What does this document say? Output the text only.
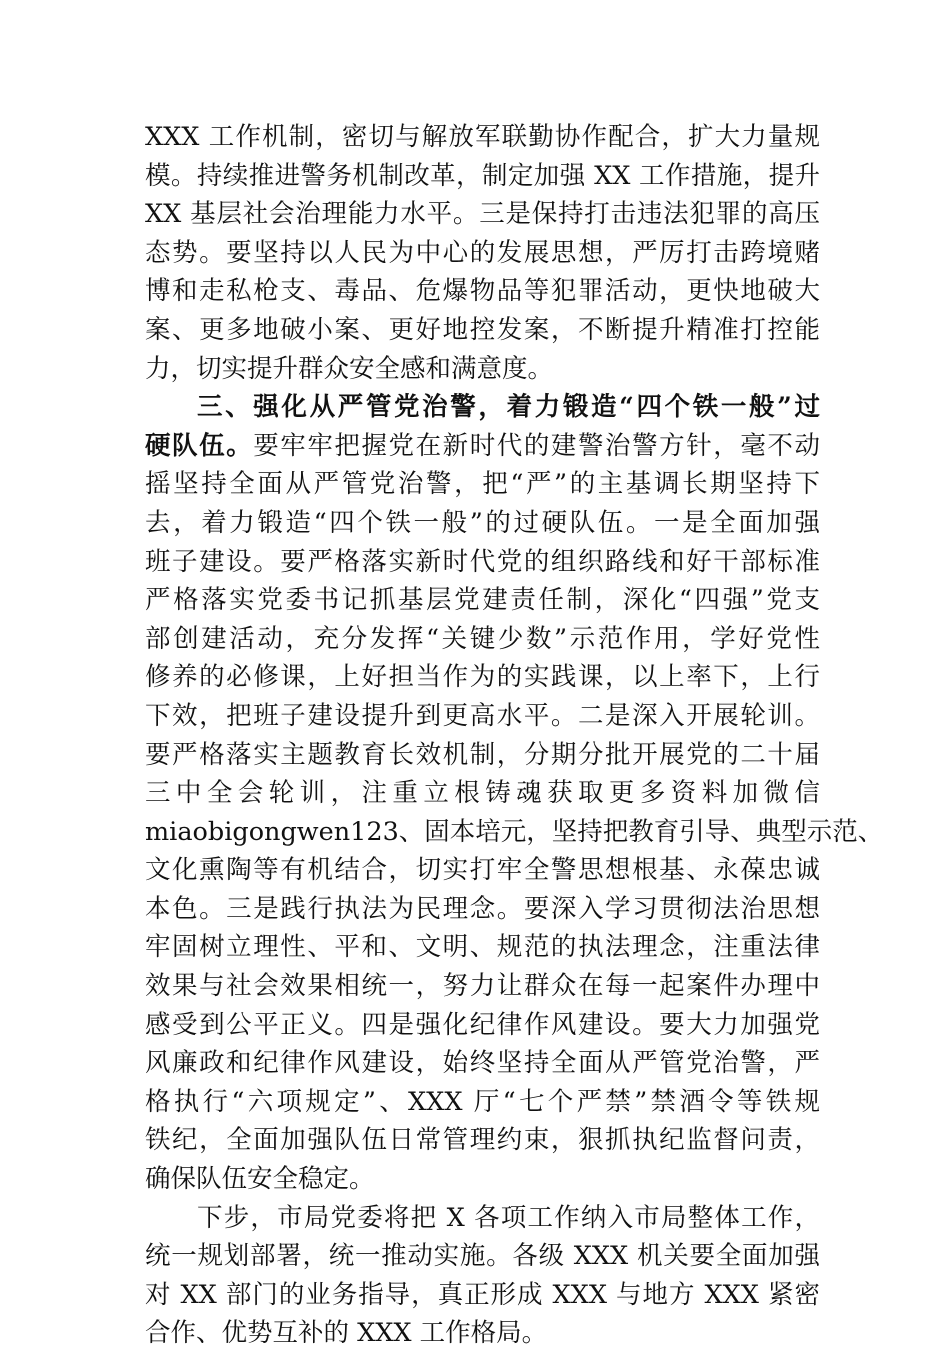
XXX 工作机制，密切与解放军联勤协作配合，扩大力量规
模。持续推进警务机制改革，制定加强 XX 工作措施，提升
XX 基层社会治理能力水平。三是保持打击违法犯罪的高压
态势。要坚持以人民为中心的发展思想，严厉打击跨境赌
博和走私枪支、毒品、危爆物品等犯罪活动，更快地破大
案、更多地破小案、更好地控发案，不断提升精准打控能
力，切实提升群众安全感和满意度。
三、强化从严管党治警，着力锻造“四个铁一般”过
硬队伍。要牢牢把握党在新时代的建警治警方针，毫不动
摇坚持全面从严管党治警，把“严”的主基调长期坚持下
去，着力锻造“四个铁一般”的过硬队伍。一是全面加强
班子建设。要严格落实新时代党的组织路线和好干部标准
严格落实党委书记抓基层党建责任制，深化“四强”党支
部创建活动，充分发挥“关键少数”示范作用，学好党性
修养的必修课，上好担当作为的实践课，以上率下，上行
下效，把班子建设提升到更高水平。二是深入开展轮训。
要严格落实主题教育长效机制，分期分批开展党的二十届
三中全会轮训，注重立根铸魂获取更多资料加微信
miaobigongwen123、固本培元，坚持把教育引导、典型示范、
文化熏陶等有机结合，切实打牢全警思想根基、永葆忠诚
本色。三是践行执法为民理念。要深入学习贯彻法治思想
牢固树立理性、平和、文明、规范的执法理念，注重法律
效果与社会效果相统一，努力让群众在每一起案件办理中
感受到公平正义。四是强化纪律作风建设。要大力加强党
风廉政和纪律作风建设，始终坚持全面从严管党治警，严
格执行“六项规定”、XXX 厅“七个严禁”禁酒令等铁规
铁纪，全面加强队伍日常管理约束，狠抓执纪监督问责，
确保队伍安全稳定。
下步，市局党委将把 X 各项工作纳入市局整体工作，
统一规划部署，统一推动实施。各级 XXX 机关要全面加强
对 XX 部门的业务指导，真正形成 XXX 与地方 XXX 紧密
合作、优势互补的 XXX 工作格局。
